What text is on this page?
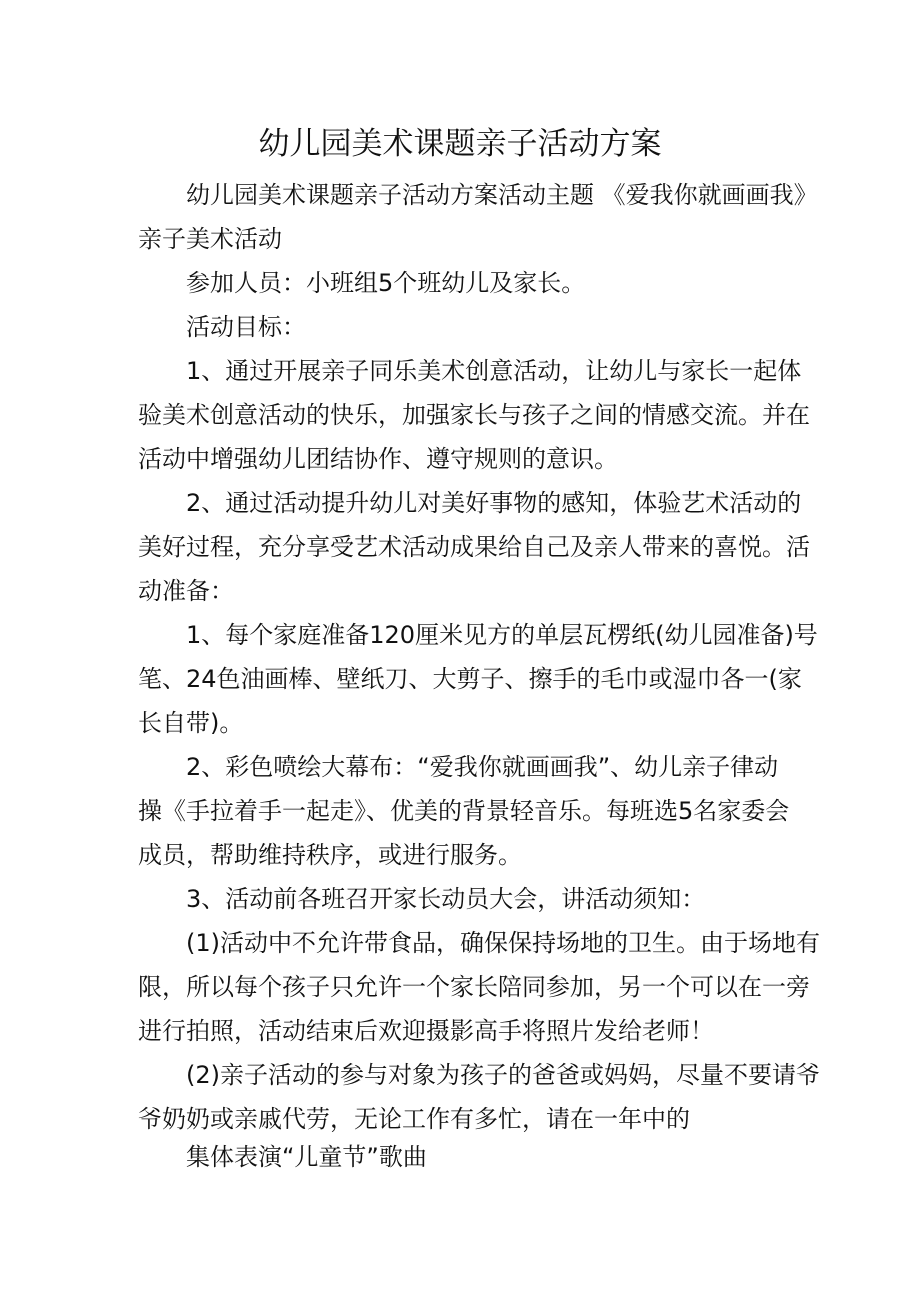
幼儿园美术课题亲子活动方案
幼儿园美术课题亲子活动方案活动主题 《爱我你就画画我》
亲子美术活动
参加人员：小班组5个班幼儿及家长。
活动目标：
1、通过开展亲子同乐美术创意活动，让幼儿与家长一起体
验美术创意活动的快乐，加强家长与孩子之间的情感交流。并在
活动中增强幼儿团结协作、遵守规则的意识。
2、通过活动提升幼儿对美好事物的感知，体验艺术活动的
美好过程，充分享受艺术活动成果给自己及亲人带来的喜悦。活
动准备：
1、每个家庭准备120厘米见方的单层瓦楞纸(幼儿园准备)号
笔、24色油画棒、壁纸刀、大剪子、擦手的毛巾或湿巾各一(家
长自带)。
2、彩色喷绘大幕布：“爱我你就画画我”、幼儿亲子律动
操《手拉着手一起走》、优美的背景轻音乐。每班选5名家委会
成员，帮助维持秩序，或进行服务。
3、活动前各班召开家长动员大会，讲活动须知：
(1)活动中不允许带食品，确保保持场地的卫生。由于场地有
限，所以每个孩子只允许一个家长陪同参加，另一个可以在一旁
进行拍照，活动结束后欢迎摄影高手将照片发给老师！
(2)亲子活动的参与对象为孩子的爸爸或妈妈，尽量不要请爷
爷奶奶或亲戚代劳，无论工作有多忙，请在一年中的
集体表演“儿童节”歌曲
